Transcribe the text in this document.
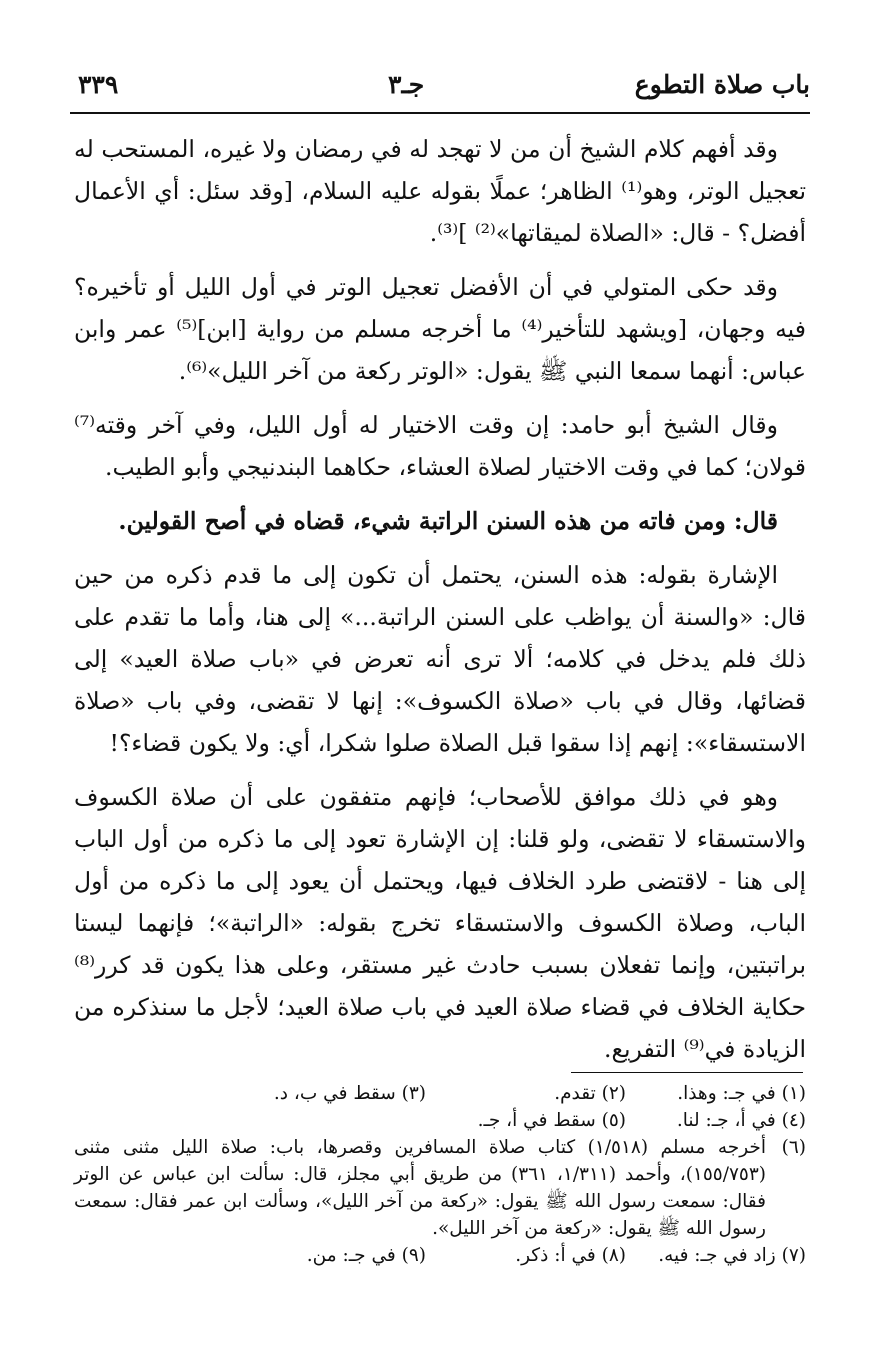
باب صلاة التطوع
جـ٣
٣٣٩

وقد أفهم كلام الشيخ أن من لا تهجد له في رمضان ولا غيره، المستحب له تعجيل الوتر، وهو⁽¹⁾ الظاهر؛ عملًا بقوله عليه السلام، [وقد سئل: أي الأعمال أفضل؟ - قال: «الصلاة لميقاتها»⁽²⁾ ]⁽³⁾.

وقد حكى المتولي في أن الأفضل تعجيل الوتر في أول الليل أو تأخيره؟ فيه وجهان، [ويشهد للتأخير⁽⁴⁾ ما أخرجه مسلم من رواية [ابن]⁽⁵⁾ عمر وابن عباس: أنهما سمعا النبي ﷺ يقول: «الوتر ركعة من آخر الليل»⁽⁶⁾.

وقال الشيخ أبو حامد: إن وقت الاختيار له أول الليل، وفي آخر وقته⁽⁷⁾ قولان؛ كما في وقت الاختيار لصلاة العشاء، حكاهما البندنيجي وأبو الطيب.

قال: ومن فاته من هذه السنن الراتبة شيء، قضاه في أصح القولين.

الإشارة بقوله: هذه السنن، يحتمل أن تكون إلى ما قدم ذكره من حين قال: «والسنة أن يواظب على السنن الراتبة...» إلى هنا، وأما ما تقدم على ذلك فلم يدخل في كلامه؛ ألا ترى أنه تعرض في «باب صلاة العيد» إلى قضائها، وقال في باب «صلاة الكسوف»: إنها لا تقضى، وفي باب «صلاة الاستسقاء»: إنهم إذا سقوا قبل الصلاة صلوا شكرا، أي: ولا يكون قضاء؟!

وهو في ذلك موافق للأصحاب؛ فإنهم متفقون على أن صلاة الكسوف والاستسقاء لا تقضى، ولو قلنا: إن الإشارة تعود إلى ما ذكره من أول الباب إلى هنا - لاقتضى طرد الخلاف فيها، ويحتمل أن يعود إلى ما ذكره من أول الباب، وصلاة الكسوف والاستسقاء تخرج بقوله: «الراتبة»؛ فإنهما ليستا براتبتين، وإنما تفعلان بسبب حادث غير مستقر، وعلى هذا يكون قد كرر⁽⁸⁾ حكاية الخلاف في قضاء صلاة العيد في باب صلاة العيد؛ لأجل ما سنذكره من الزيادة في⁽⁹⁾ التفريع.

(١) في جـ: وهذا.
(٢) تقدم.
(٣) سقط في ب، د.
(٤) في أ، جـ: لنا.
(٥) سقط في أ، جـ.
(٦)
أخرجه مسلم (١/٥١٨) كتاب صلاة المسافرين وقصرها، باب: صلاة الليل مثنى مثنى (١٥٥/٧٥٣)، وأحمد (١/٣١١، ٣٦١) من طريق أبي مجلز، قال: سألت ابن عباس عن الوتر فقال: سمعت رسول الله ﷺ يقول: «ركعة من آخر الليل»، وسألت ابن عمر فقال: سمعت رسول الله ﷺ يقول: «ركعة من آخر الليل».
(٧) زاد في جـ: فيه.
(٨) في أ: ذكر.
(٩) في جـ: من.
